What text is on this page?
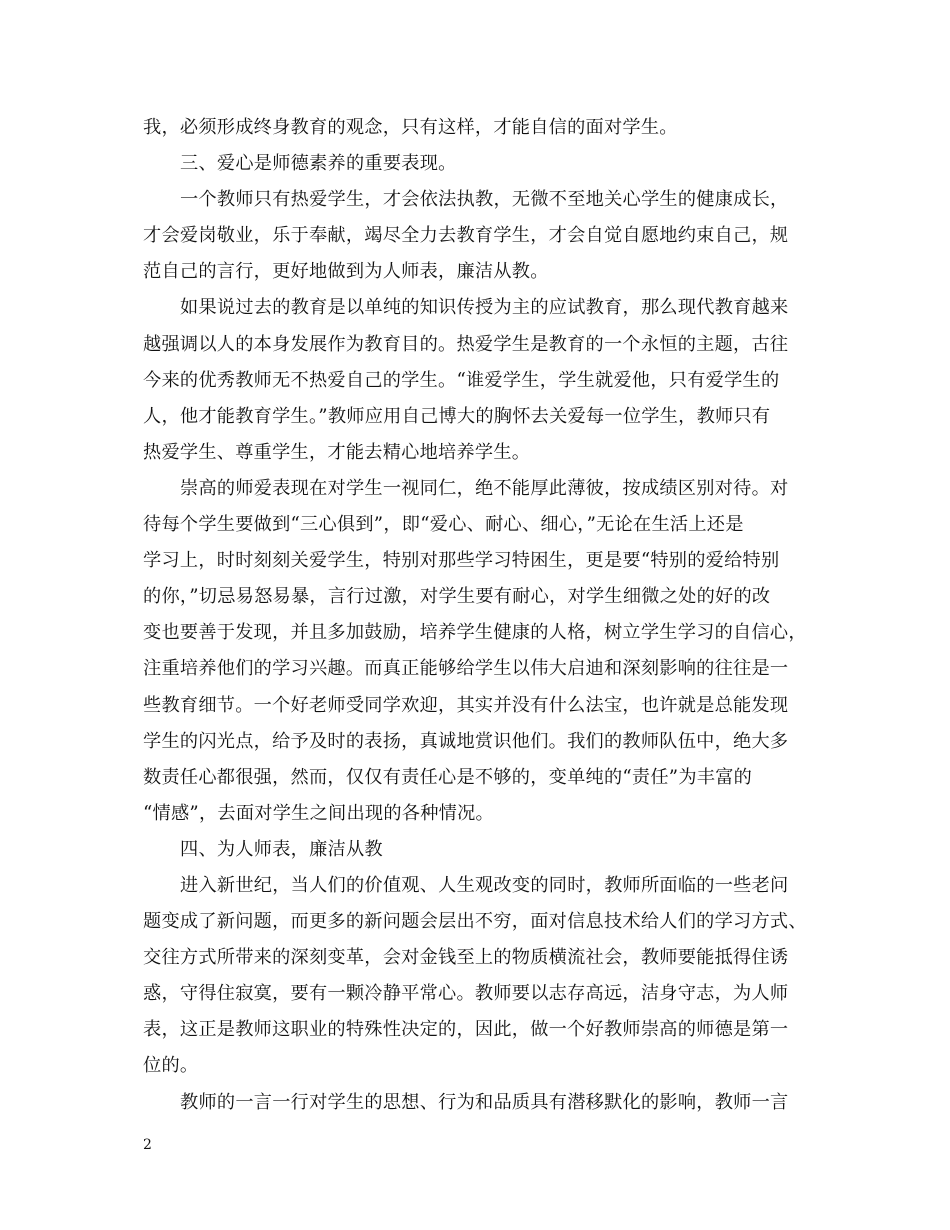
我，必须形成终身教育的观念，只有这样，才能自信的面对学生。
三、爱心是师德素养的重要表现。
一个教师只有热爱学生，才会依法执教，无微不至地关心学生的健康成长，
才会爱岗敬业，乐于奉献，竭尽全力去教育学生，才会自觉自愿地约束自己，规
范自己的言行，更好地做到为人师表，廉洁从教。
如果说过去的教育是以单纯的知识传授为主的应试教育，那么现代教育越来
越强调以人的本身发展作为教育目的。热爱学生是教育的一个永恒的主题，古往
今来的优秀教师无不热爱自己的学生。“谁爱学生，学生就爱他，只有爱学生的
人，他才能教育学生。”教师应用自己博大的胸怀去关爱每一位学生，教师只有
热爱学生、尊重学生，才能去精心地培养学生。
崇高的师爱表现在对学生一视同仁，绝不能厚此薄彼，按成绩区别对待。对
待每个学生要做到“三心俱到”，即“爱心、耐心、细心，”无论在生活上还是
学习上，时时刻刻关爱学生，特别对那些学习特困生，更是要“特别的爱给特别
的你，”切忌易怒易暴，言行过激，对学生要有耐心，对学生细微之处的好的改
变也要善于发现，并且多加鼓励，培养学生健康的人格，树立学生学习的自信心，
注重培养他们的学习兴趣。而真正能够给学生以伟大启迪和深刻影响的往往是一
些教育细节。一个好老师受同学欢迎，其实并没有什么法宝，也许就是总能发现
学生的闪光点，给予及时的表扬，真诚地赏识他们。我们的教师队伍中，绝大多
数责任心都很强，然而，仅仅有责任心是不够的，变单纯的“责任”为丰富的
“情感”，去面对学生之间出现的各种情况。
四、为人师表，廉洁从教
进入新世纪，当人们的价值观、人生观改变的同时，教师所面临的一些老问
题变成了新问题，而更多的新问题会层出不穷，面对信息技术给人们的学习方式、
交往方式所带来的深刻变革，会对金钱至上的物质横流社会，教师要能抵得住诱
惑，守得住寂寞，要有一颗冷静平常心。教师要以志存高远，洁身守志，为人师
表，这正是教师这职业的特殊性决定的，因此，做一个好教师崇高的师德是第一
位的。
教师的一言一行对学生的思想、行为和品质具有潜移默化的影响，教师一言
2
